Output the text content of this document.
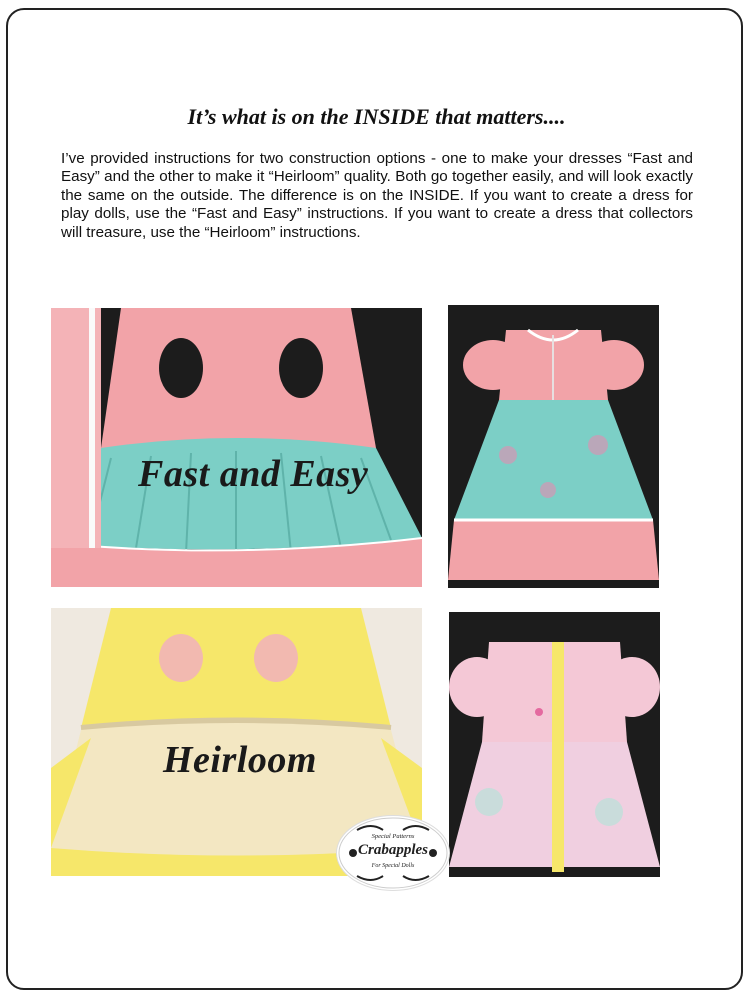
It’s what is on the INSIDE that matters....
I’ve provided instructions for two construction options - one to make your dresses “Fast and Easy” and the other to make it “Heirloom” quality. Both go together easily, and will look exactly the same on the outside. The difference is on the INSIDE. If you want to create a dress for play dolls, use the “Fast and Easy” instructions. If you want to create a dress that collectors will treasure, use the “Heirloom” instructions.
Fast and Easy
Heirloom
Special Patterns
Crabapples
For Special Dolls
